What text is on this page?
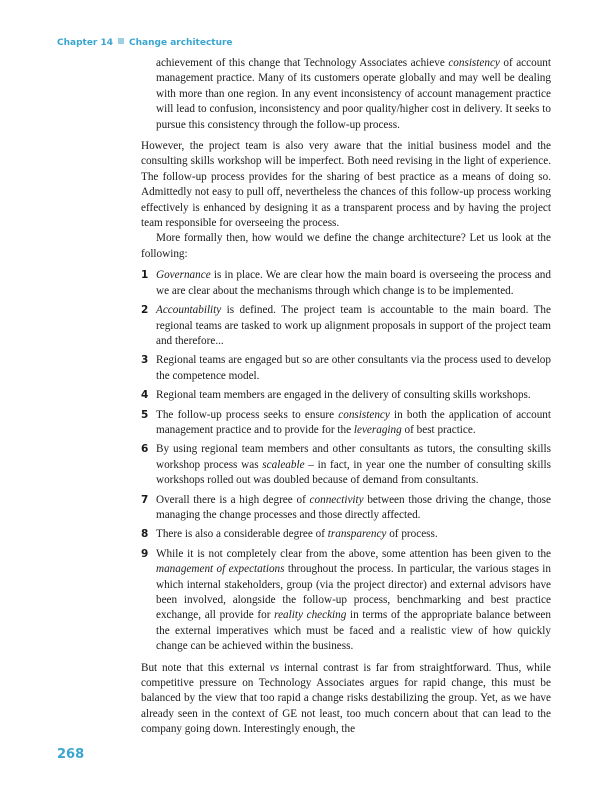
Chapter 14 Change architecture

achievement of this change that Technology Associates achieve consistency of account management practice. Many of its customers operate globally and may well be dealing with more than one region. In any event inconsistency of account management practice will lead to confusion, inconsistency and poor quality/higher cost in delivery. It seeks to pursue this consistency through the follow-up process.

However, the project team is also very aware that the initial business model and the consulting skills workshop will be imperfect. Both need revising in the light of experience. The follow-up process provides for the sharing of best practice as a means of doing so. Admittedly not easy to pull off, nevertheless the chances of this follow-up process working effectively is enhanced by designing it as a transparent process and by having the project team responsible for overseeing the process.

More formally then, how would we define the change architecture? Let us look at the following:

1 Governance is in place. We are clear how the main board is overseeing the process and we are clear about the mechanisms through which change is to be implemented.
2 Accountability is defined. The project team is accountable to the main board. The regional teams are tasked to work up alignment proposals in support of the project team and therefore...
3 Regional teams are engaged but so are other consultants via the process used to develop the competence model.
4 Regional team members are engaged in the delivery of consulting skills workshops.
5 The follow-up process seeks to ensure consistency in both the application of account management practice and to provide for the leveraging of best practice.
6 By using regional team members and other consultants as tutors, the consulting skills workshop process was scaleable – in fact, in year one the number of consulting skills workshops rolled out was doubled because of demand from consultants.
7 Overall there is a high degree of connectivity between those driving the change, those managing the change processes and those directly affected.
8 There is also a considerable degree of transparency of process.
9 While it is not completely clear from the above, some attention has been given to the management of expectations throughout the process. In particular, the various stages in which internal stakeholders, group (via the project director) and external advisors have been involved, alongside the follow-up process, benchmarking and best practice exchange, all provide for reality checking in terms of the appropriate balance between the external imperatives which must be faced and a realistic view of how quickly change can be achieved within the business.

But note that this external vs internal contrast is far from straightforward. Thus, while competitive pressure on Technology Associates argues for rapid change, this must be balanced by the view that too rapid a change risks destabilizing the group. Yet, as we have already seen in the context of GE not least, too much concern about that can lead to the company going down. Interestingly enough, the

268
